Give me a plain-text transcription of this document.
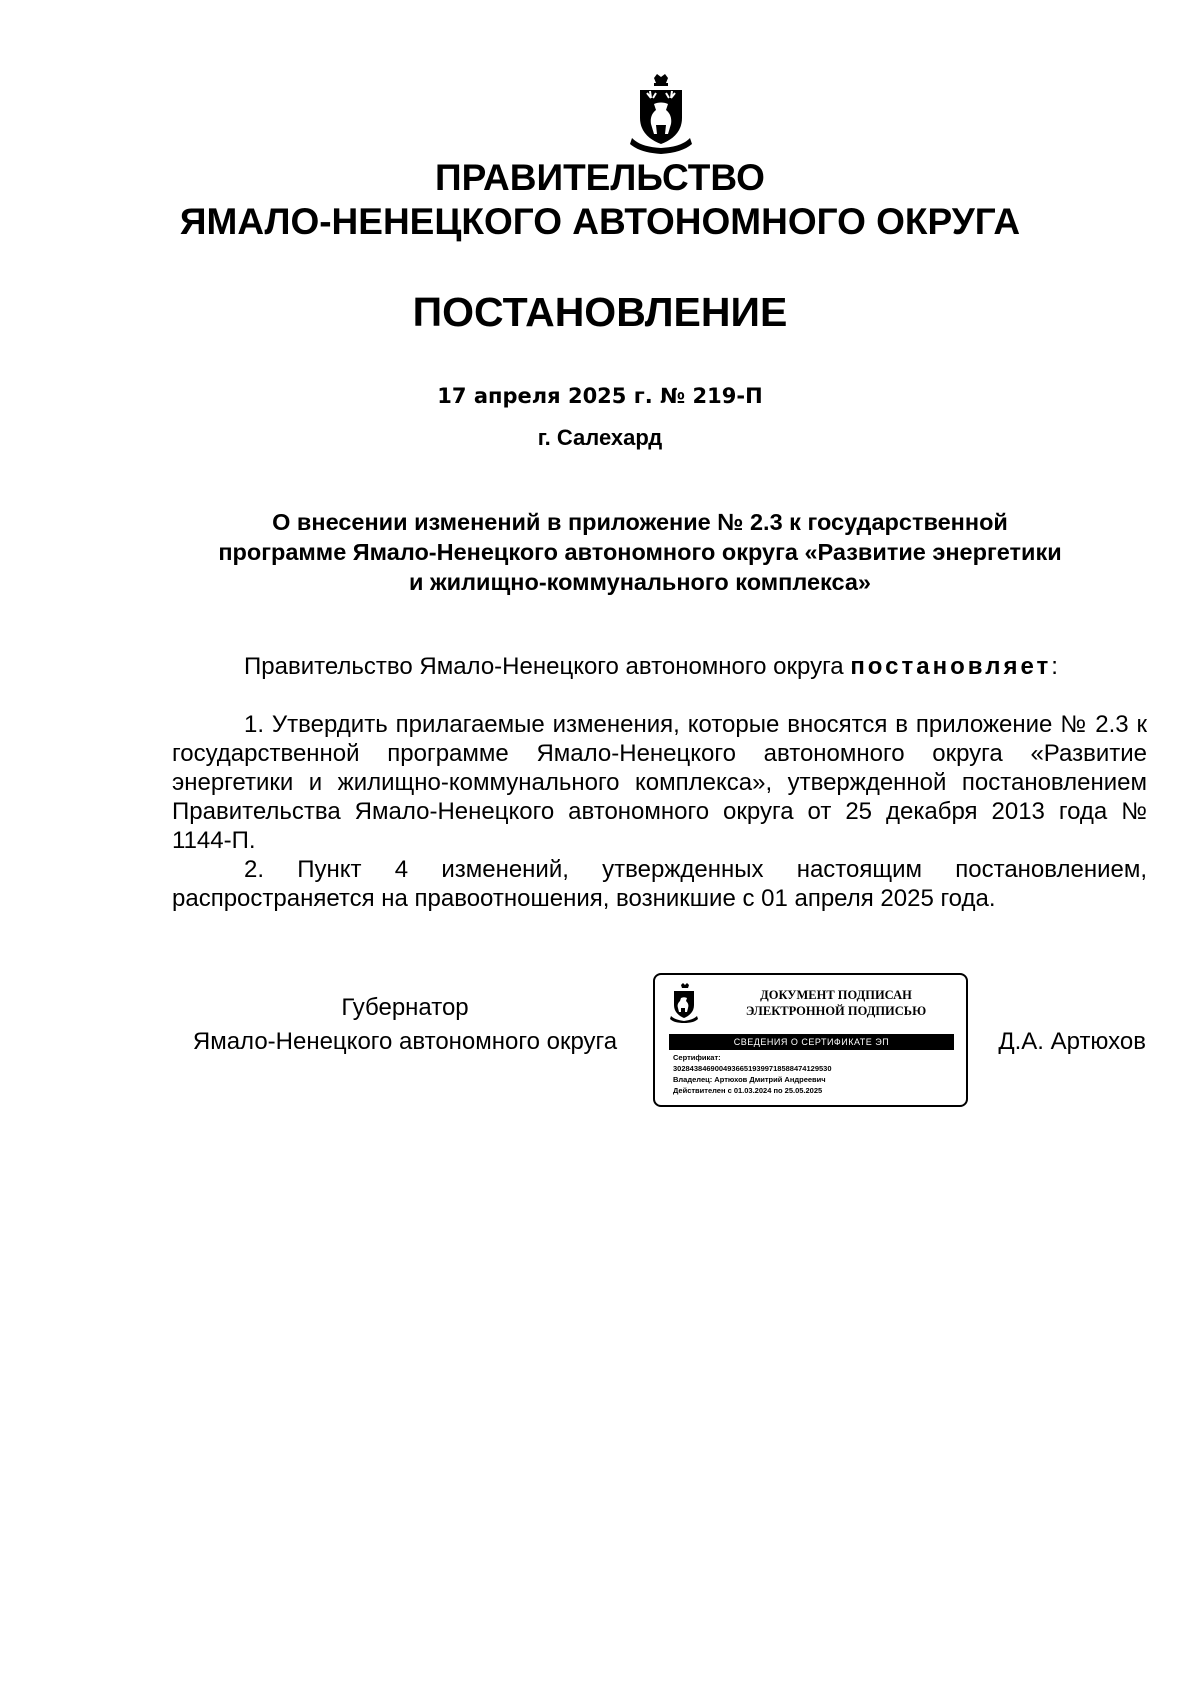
ПРАВИТЕЛЬСТВО
ЯМАЛО-НЕНЕЦКОГО АВТОНОМНОГО ОКРУГА
ПОСТАНОВЛЕНИЕ
17 апреля 2025 г. № 219-П
г. Салехард
О внесении изменений в приложение № 2.3 к государственной
программе Ямало-Ненецкого автономного округа «Развитие энергетики
и жилищно-коммунального комплекса»
Правительство Ямало-Ненецкого автономного округа постановляет:
1. Утвердить прилагаемые изменения, которые вносятся в приложение № 2.3 к государственной программе Ямало-Ненецкого автономного округа «Развитие энергетики и жилищно-коммунального комплекса», утвержденной постановлением Правительства Ямало-Ненецкого автономного округа от 25 декабря 2013 года № 1144-П.
2. Пункт 4 изменений, утвержденных настоящим постановлением, распространяется на правоотношения, возникшие с 01 апреля 2025 года.
Губернатор
Ямало-Ненецкого автономного округа
ДОКУМЕНТ ПОДПИСАН
ЭЛЕКТРОННОЙ ПОДПИСЬЮ
СВЕДЕНИЯ О СЕРТИФИКАТЕ ЭП
Сертификат:
30284384690049366519399718588474129530
Владелец: Артюхов Дмитрий Андреевич
Действителен с 01.03.2024 по 25.05.2025
Д.А. Артюхов
